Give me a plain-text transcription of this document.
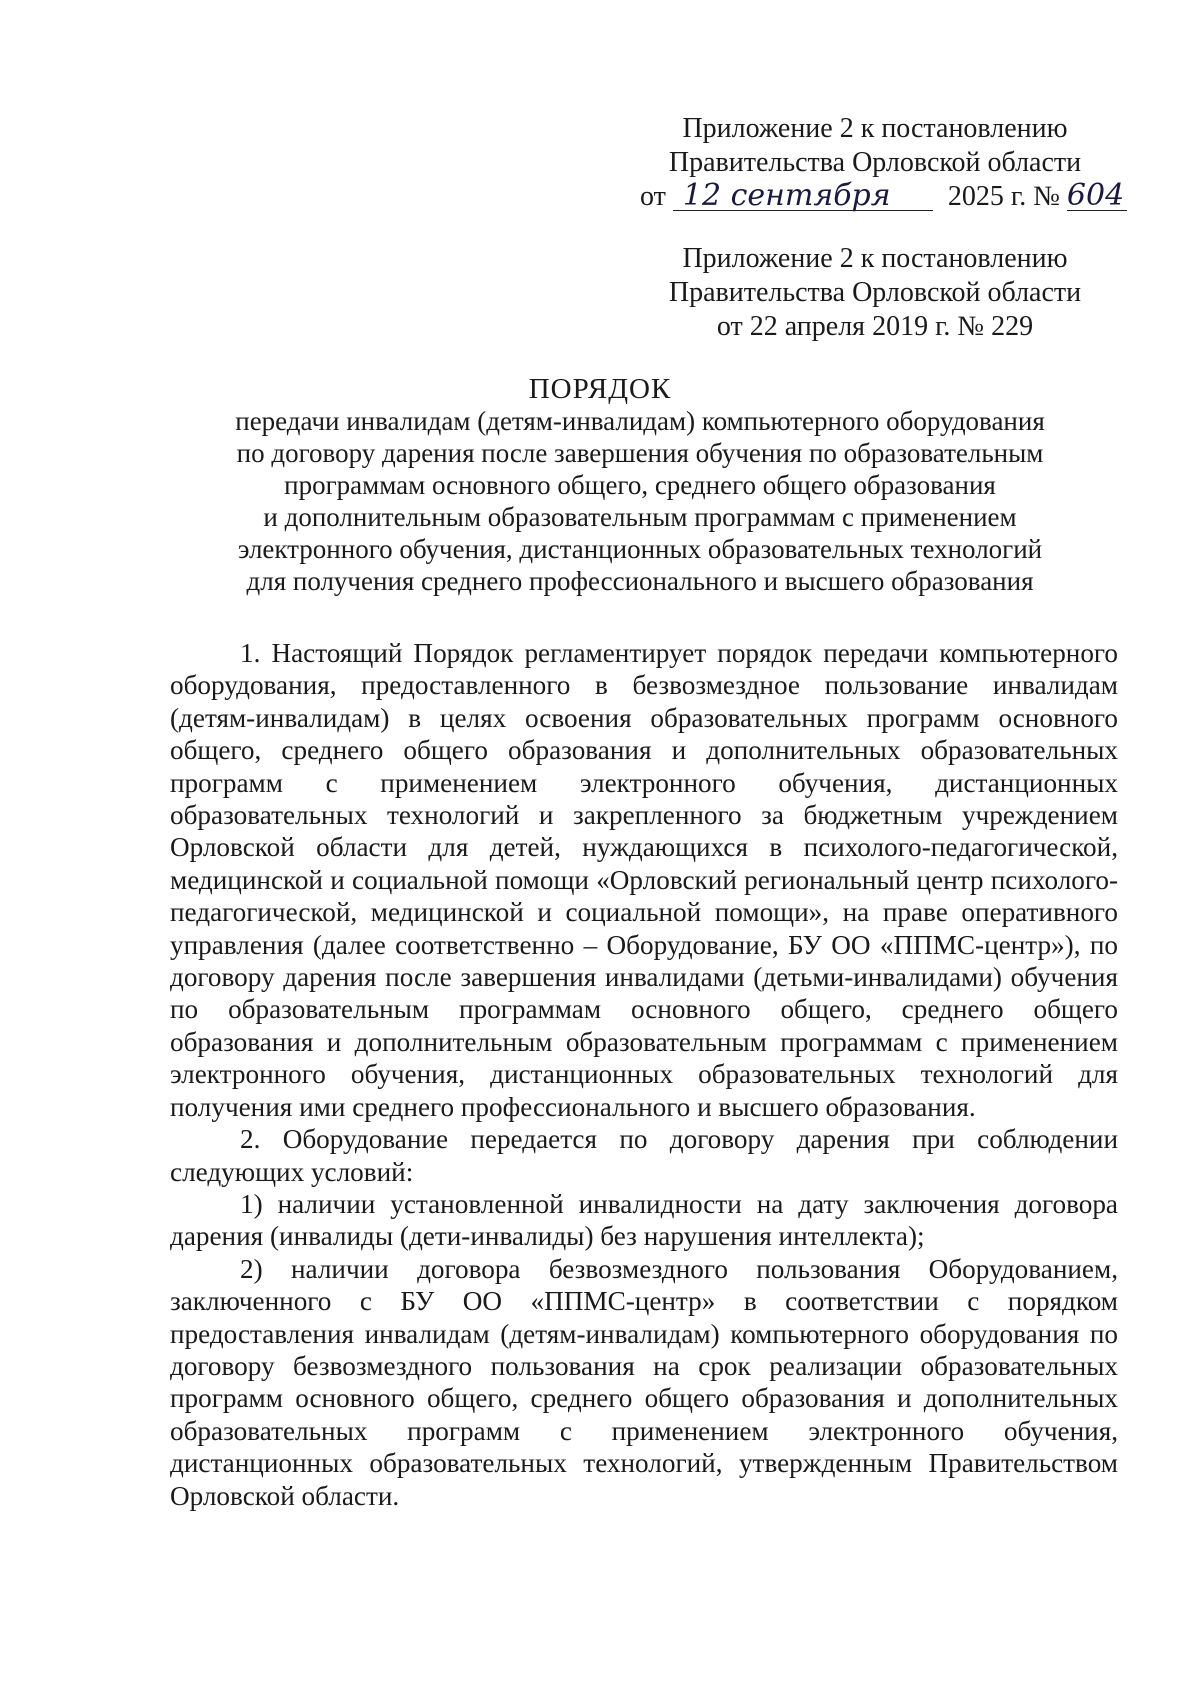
Приложение 2 к постановлению
Правительства Орловской области
от 12 сентября 2025 г. № 604
Приложение 2 к постановлению
Правительства Орловской области
от 22 апреля 2019 г. № 229
ПОРЯДОК
передачи инвалидам (детям-инвалидам) компьютерного оборудования
по договору дарения после завершения обучения по образовательным
программам основного общего, среднего общего образования
и дополнительным образовательным программам с применением
электронного обучения, дистанционных образовательных технологий
для получения среднего профессионального и высшего образования

1. Настоящий Порядок регламентирует порядок передачи компьютерного оборудования, предоставленного в безвозмездное пользование инвалидам (детям-инвалидам) в целях освоения образовательных программ основного общего, среднего общего образования и дополнительных образовательных программ с применением электронного обучения, дистанционных образовательных технологий и закрепленного за бюджетным учреждением Орловской области для детей, нуждающихся в психолого-педагогической, медицинской и социальной помощи «Орловский региональный центр психолого-педагогической, медицинской и социальной помощи», на праве оперативного управления (далее соответственно – Оборудование, БУ ОО «ППМС-центр»), по договору дарения после завершения инвалидами (детьми-инвалидами) обучения по образовательным программам основного общего, среднего общего образования и дополнительным образовательным программам с применением электронного обучения, дистанционных образовательных технологий для получения ими среднего профессионального и высшего образования.

2. Оборудование передается по договору дарения при соблюдении следующих условий:

1) наличии установленной инвалидности на дату заключения договора дарения (инвалиды (дети-инвалиды) без нарушения интеллекта);

2) наличии договора безвозмездного пользования Оборудованием, заключенного с БУ ОО «ППМС-центр» в соответствии с порядком предоставления инвалидам (детям-инвалидам) компьютерного оборудования по договору безвозмездного пользования на срок реализации образовательных программ основного общего, среднего общего образования и дополнительных образовательных программ с применением электронного обучения, дистанционных образовательных технологий, утвержденным Правительством Орловской области.
